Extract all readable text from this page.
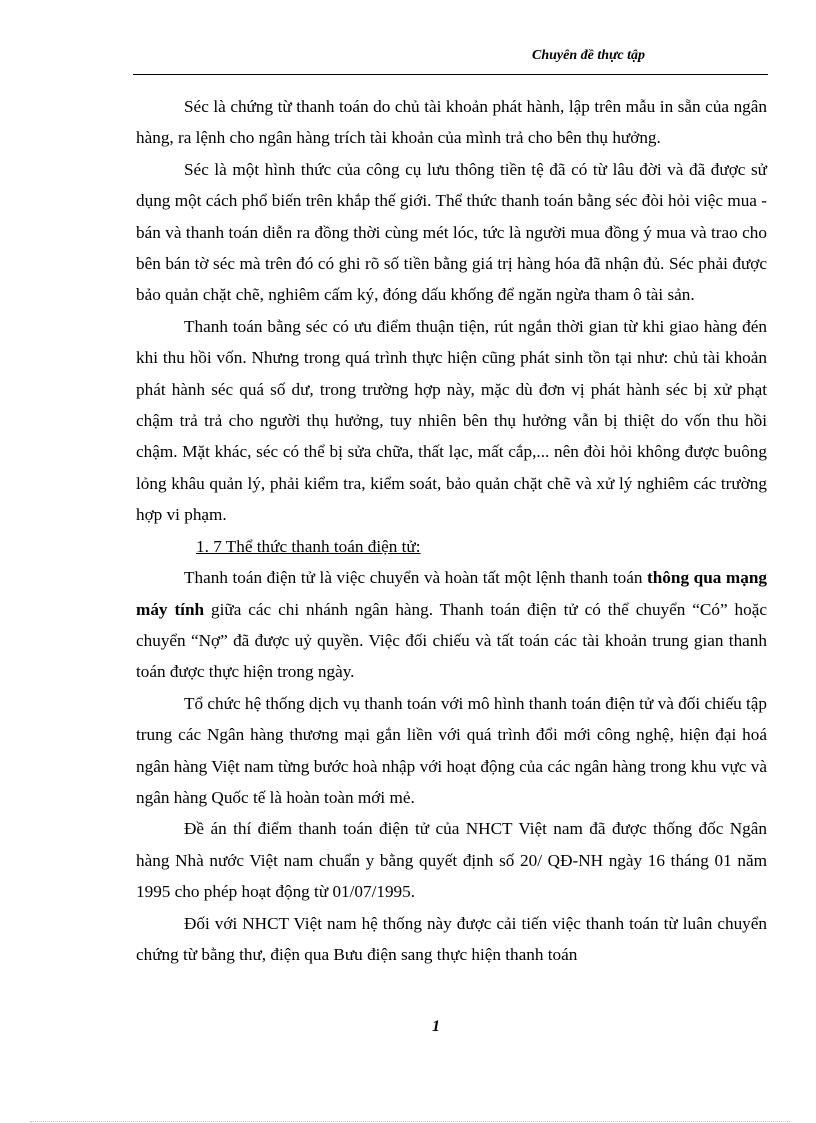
Chuyên đề thực tập

Séc là chứng từ thanh toán do chủ tài khoản phát hành, lập trên mẫu in sẵn của ngân hàng, ra lệnh cho ngân hàng trích tài khoản của mình trả cho bên thụ hưởng.

Séc là một hình thức của công cụ lưu thông tiền tệ đã có từ lâu đời và đã được sử dụng một cách phổ biến trên khắp thế giới. Thể thức thanh toán bằng séc đòi hỏi việc mua - bán và thanh toán diễn ra đồng thời cùng mét lóc, tức là người mua đồng ý mua và trao cho bên bán tờ séc mà trên đó có ghi rõ số tiền bằng giá trị hàng hóa đã nhận đủ. Séc phải được bảo quản chặt chẽ, nghiêm cấm ký, đóng dấu khống để ngăn ngừa tham ô tài sản.

Thanh toán bằng séc có ưu điểm thuận tiện, rút ngắn thời gian từ khi giao hàng đén khi thu hồi vốn. Nhưng trong quá trình thực hiện cũng phát sinh tồn tại như: chủ tài khoản phát hành séc quá số dư, trong trường hợp này, mặc dù đơn vị phát hành séc bị xử phạt chậm trả trả cho người thụ hưởng, tuy nhiên bên thụ hưởng vẫn bị thiệt do vốn thu hồi chậm. Mặt khác, séc có thể bị sửa chữa, thất lạc, mất cắp,... nên đòi hỏi không được buông lỏng khâu quản lý, phải kiểm tra, kiểm soát, bảo quản chặt chẽ và xử lý nghiêm các trường hợp vi phạm.

1. 7 Thể thức thanh toán điện tử:

Thanh toán điện tử là việc chuyển và hoàn tất một lệnh thanh toán thông qua mạng máy tính giữa các chi nhánh ngân hàng. Thanh toán điện tử có thể chuyển “Có” hoặc chuyển “Nợ” đã được uỷ quyền. Việc đối chiếu và tất toán các tài khoản trung gian thanh toán được thực hiện trong ngày.

Tổ chức hệ thống dịch vụ thanh toán với mô hình thanh toán điện tử và đối chiếu tập trung các Ngân hàng thương mại gắn liền với quá trình đổi mới công nghệ, hiện đại hoá ngân hàng Việt nam từng bước hoà nhập với hoạt động của các ngân hàng trong khu vực và ngân hàng Quốc tế là hoàn toàn mới mẻ.

Đề án thí điểm thanh toán điện tử của NHCT Việt nam đã được thống đốc Ngân hàng Nhà nước Việt nam chuẩn y bằng quyết định số 20/ QĐ-NH ngày 16 tháng 01 năm 1995 cho phép hoạt động từ 01/07/1995.

Đối với NHCT Việt nam hệ thống này được cải tiến việc thanh toán từ luân chuyển chứng từ bằng thư, điện qua Bưu điện sang thực hiện thanh toán

1
